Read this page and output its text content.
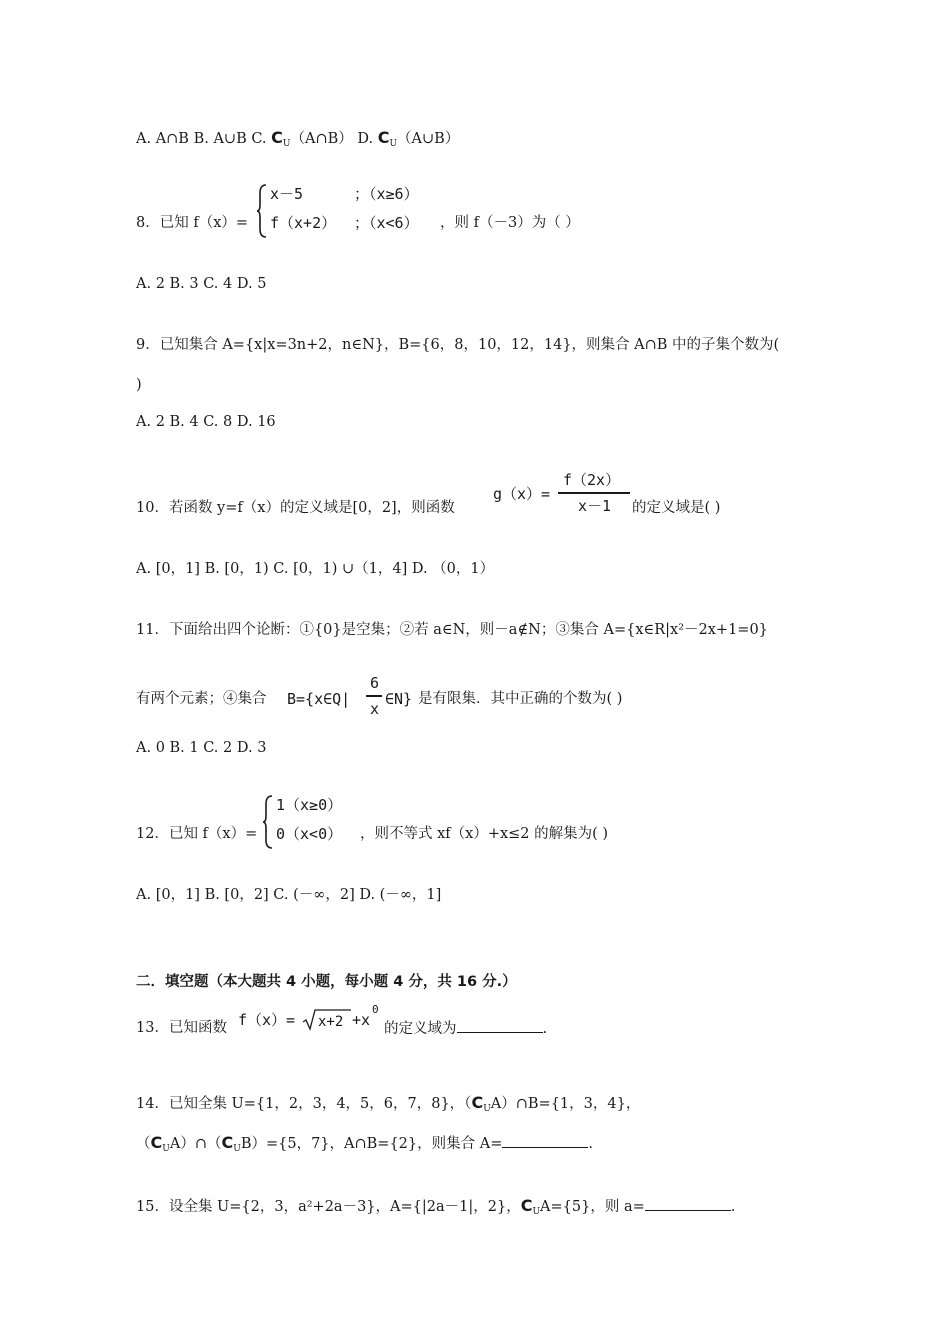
A. A∩B B. A∪B C. $C_U(A\cap B)$ D. $C_U(A\cup B)$
8．已知 f（x）=
x－5	；（x≥6）
f（x+2） ；（x<6） ，则 f（－3）为（ ）
A. 2 B. 3 C. 4 D. 5
9．已知集合 A={x|x=3n+2，n∈N}，B={6，8，10，12，14}，则集合 A∩B 中的子集个数为(
)
A. 2 B. 4 C. 8 D. 16
10．若函数 y=f（x）的定义域是[0，2]，则函数
g（x）=
f（2x）
x－1 的定义域是( )
A. [0，1] B. [0，1) C. [0，1) ∪（1，4] D. （0，1）
11．下面给出四个论断：①{0}是空集；②若 a∈N，则－a∉N；③集合 A={x∈R|x²－2x+1=0}
有两个元素；④集合 B={x∈Q|
6
x
∈N} 是有限集．其中正确的个数为( )
A. 0 B. 1 C. 2 D. 3
12．已知 f（x）=
1（x≥0）
0（x<0） ，则不等式 xf（x）+x≤2 的解集为( )
A. [0，1] B. [0，2] C. (－∞，2] D. (－∞，1]
二．填空题（本大题共 4 小题，每小题 4 分，共 16 分.）
13．已知函数 f（x）= x+2 +x
0
的定义域为	.
14．已知全集 U={1，2，3，4，5，6，7，8}，$(C_UA)\cap B=\{1$，3，4}，
$(C_UA)\cap(C_UB)=\{5$，7}，A∩B={2}，则集合 A=	.
15．设全集 U={2，3，a²+2a－3}，A={|2a－1|，2}，$C_UA=\{5\}$，则 a=	.
